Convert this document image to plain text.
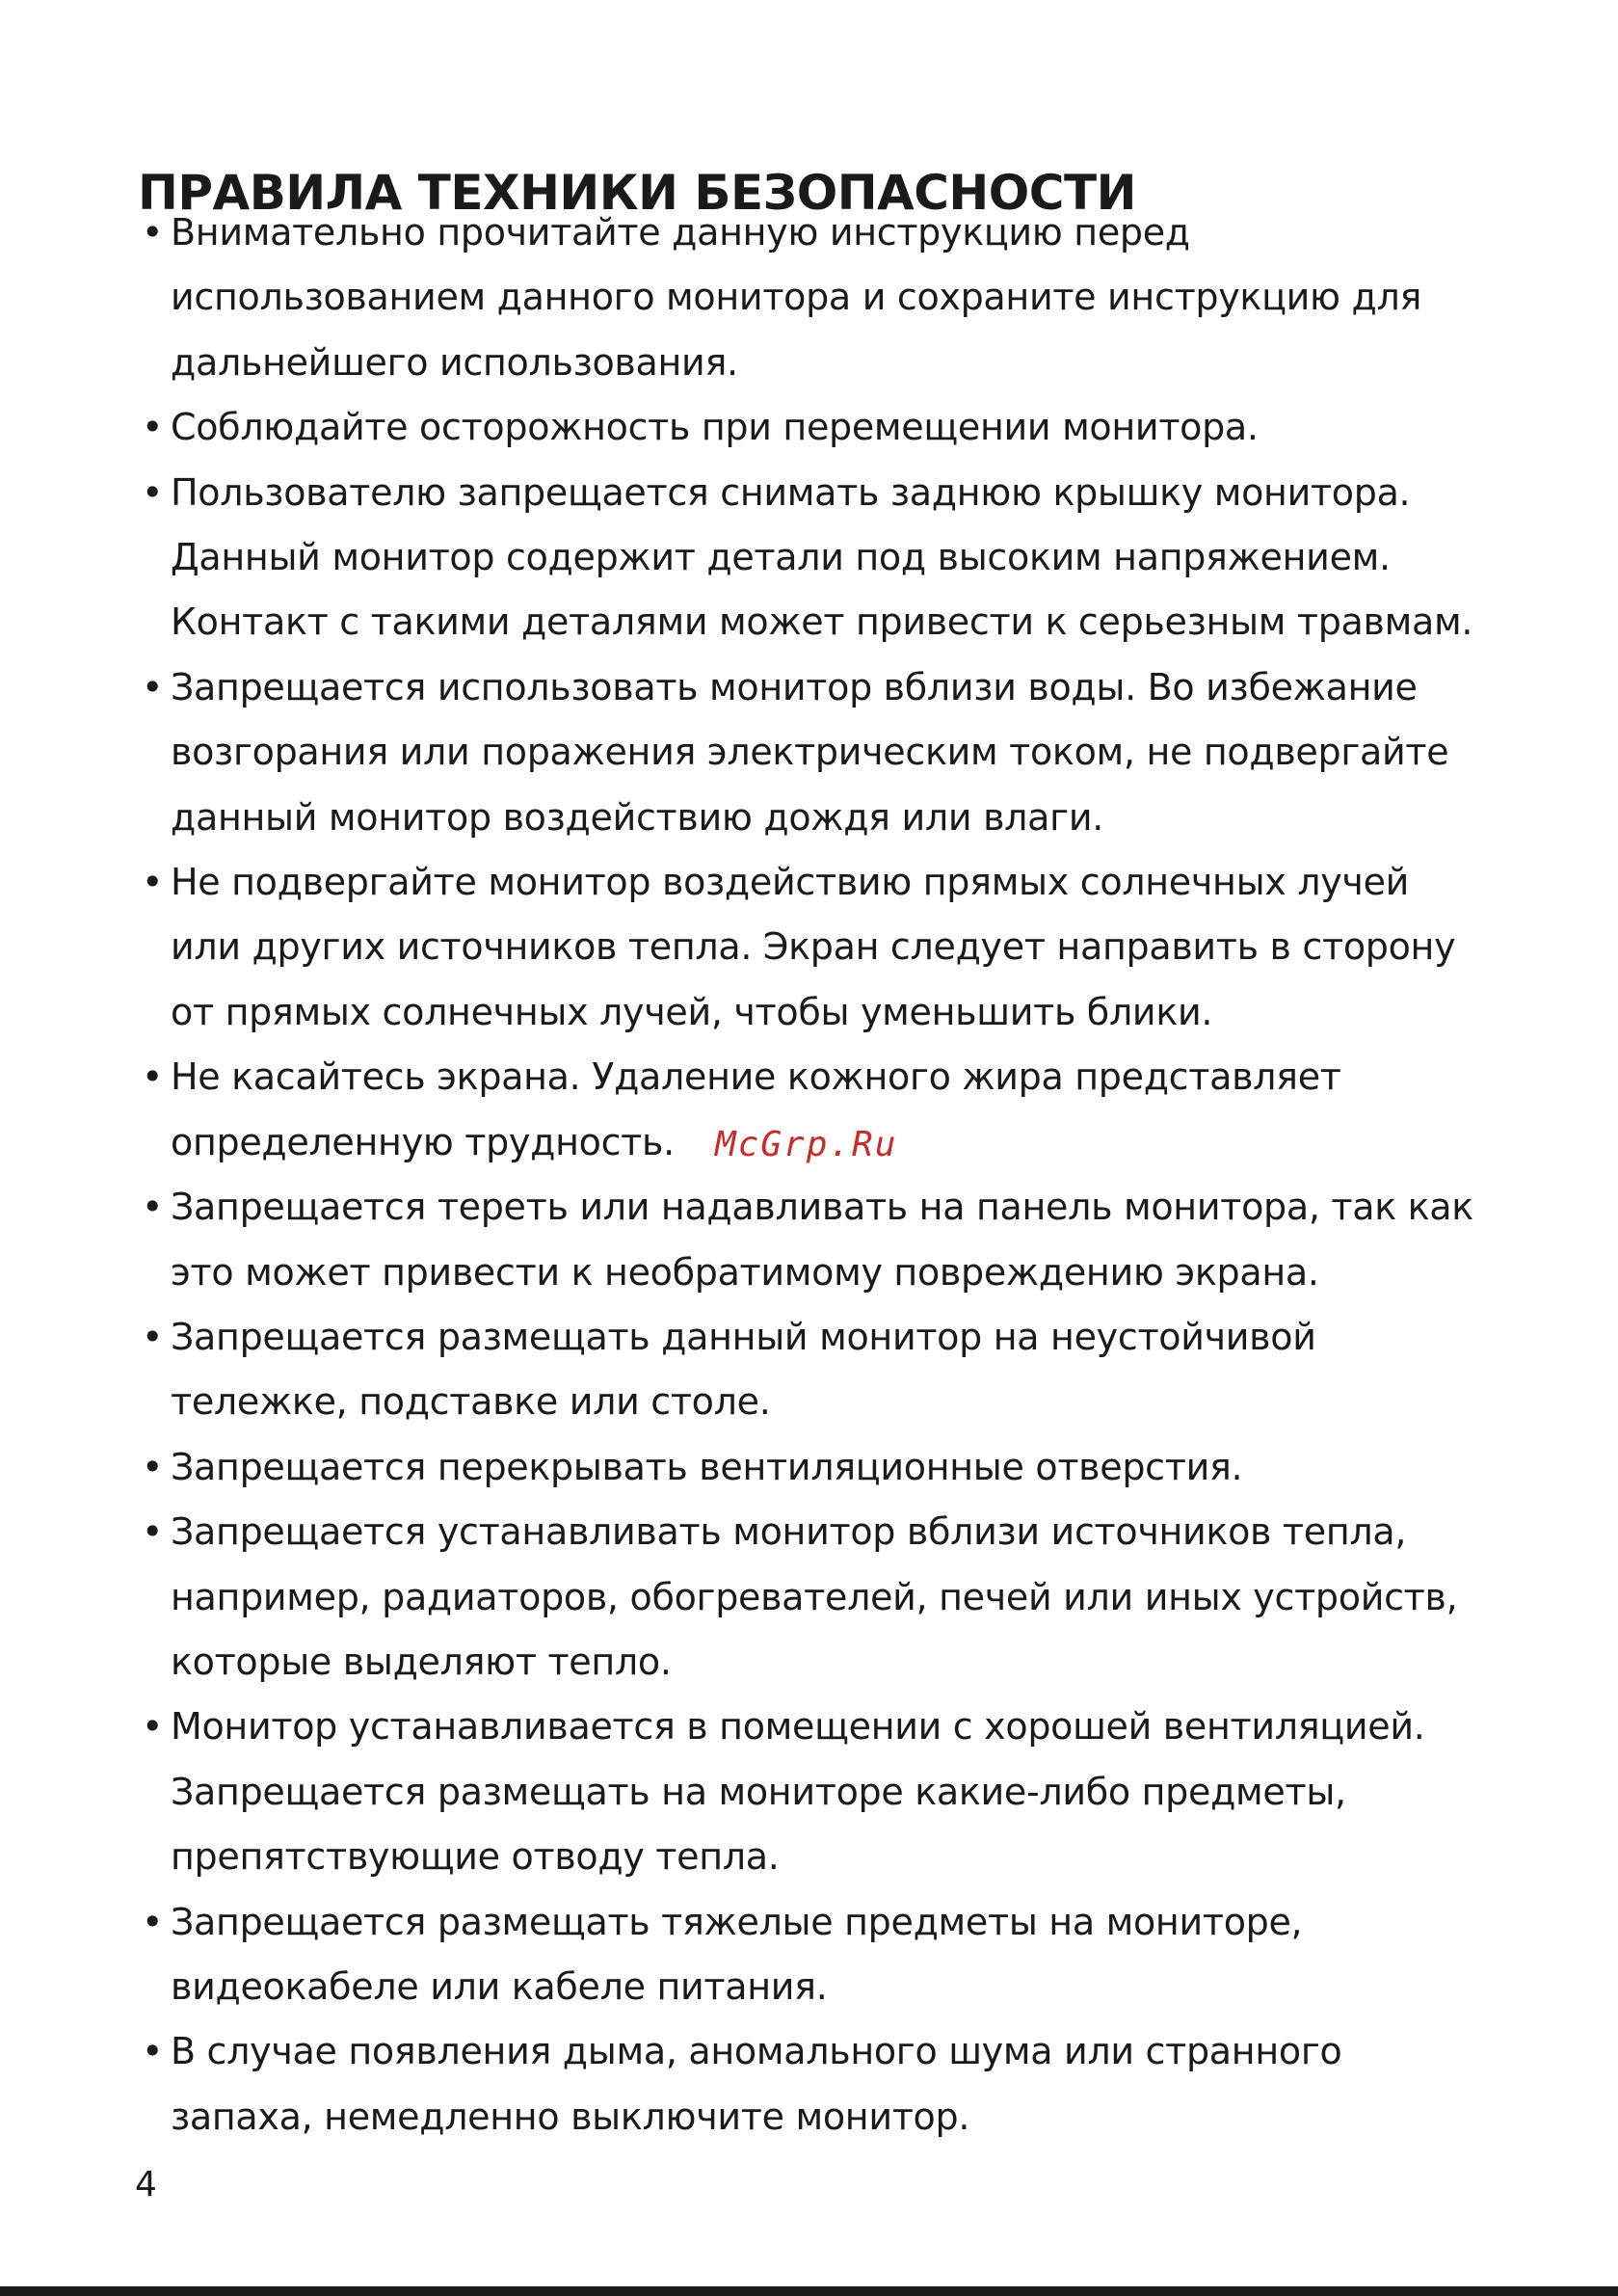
ПРАВИЛА ТЕХНИКИ БЕЗОПАСНОСТИ
• Внимательно прочитайте данную инструкцию перед
использованием данного монитора и сохраните инструкцию для
дальнейшего использования.
• Соблюдайте осторожность при перемещении монитора.
• Пользователю запрещается снимать заднюю крышку монитора.
Данный монитор содержит детали под высоким напряжением.
Контакт с такими деталями может привести к серьезным травмам.
• Запрещается использовать монитор вблизи воды. Во избежание
возгорания или поражения электрическим током, не подвергайте
данный монитор воздействию дождя или влаги.
• Не подвергайте монитор воздействию прямых солнечных лучей
или других источников тепла. Экран следует направить в сторону
от прямых солнечных лучей, чтобы уменьшить блики.
• Не касайтесь экрана. Удаление кожного жира представляет
определенную трудность.
• Запрещается тереть или надавливать на панель монитора, так как
это может привести к необратимому повреждению экрана.
• Запрещается размещать данный монитор на неустойчивой
тележке, подставке или столе.
• Запрещается перекрывать вентиляционные отверстия.
• Запрещается устанавливать монитор вблизи источников тепла,
например, радиаторов, обогревателей, печей или иных устройств,
которые выделяют тепло.
• Монитор устанавливается в помещении с хорошей вентиляцией.
Запрещается размещать на мониторе какие-либо предметы,
препятствующие отводу тепла.
• Запрещается размещать тяжелые предметы на мониторе,
видеокабеле или кабеле питания.
• В случае появления дыма, аномального шума или странного
запаха, немедленно выключите монитор.
McGrp.Ru
4
